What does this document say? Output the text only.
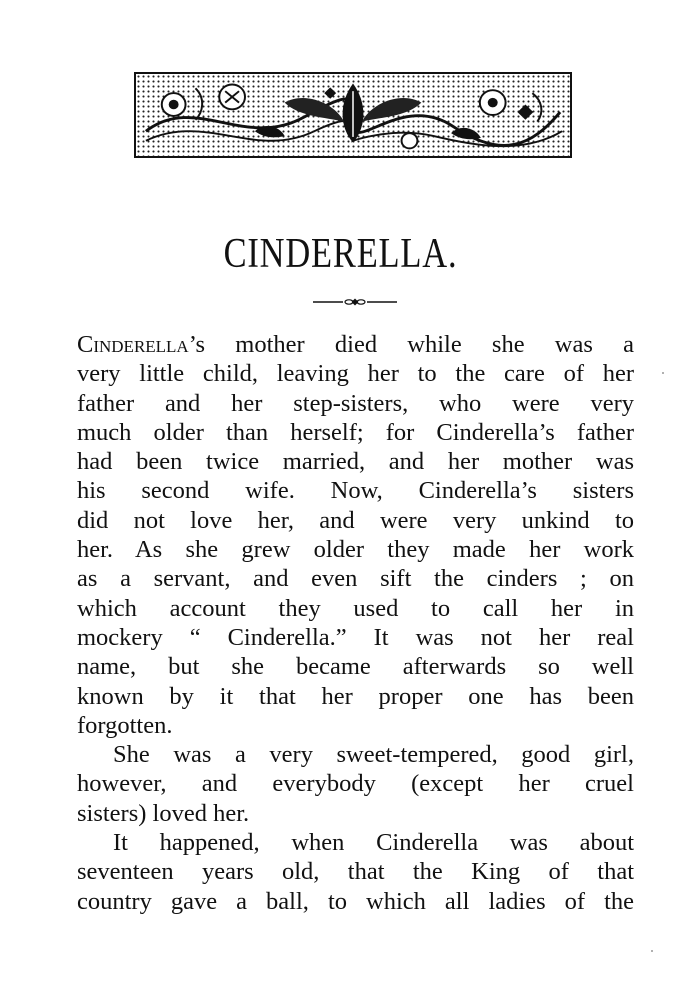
CINDERELLA.
Cinderella’s mother died while she was a
very little child, leaving her to the care of her
father and her step-sisters, who were very
much older than herself; for Cinderella’s father
had been twice married, and her mother was
his second wife. Now, Cinderella’s sisters
did not love her, and were very unkind to
her. As she grew older they made her work
as a servant, and even sift the cinders ; on
which account they used to call her in
mockery “ Cinderella.” It was not her real
name, but she became afterwards so well
known by it that her proper one has been
forgotten.
She was a very sweet-tempered, good girl,
however, and everybody (except her cruel
sisters) loved her.
It happened, when Cinderella was about
seventeen years old, that the King of that
country gave a ball, to which all ladies of the
